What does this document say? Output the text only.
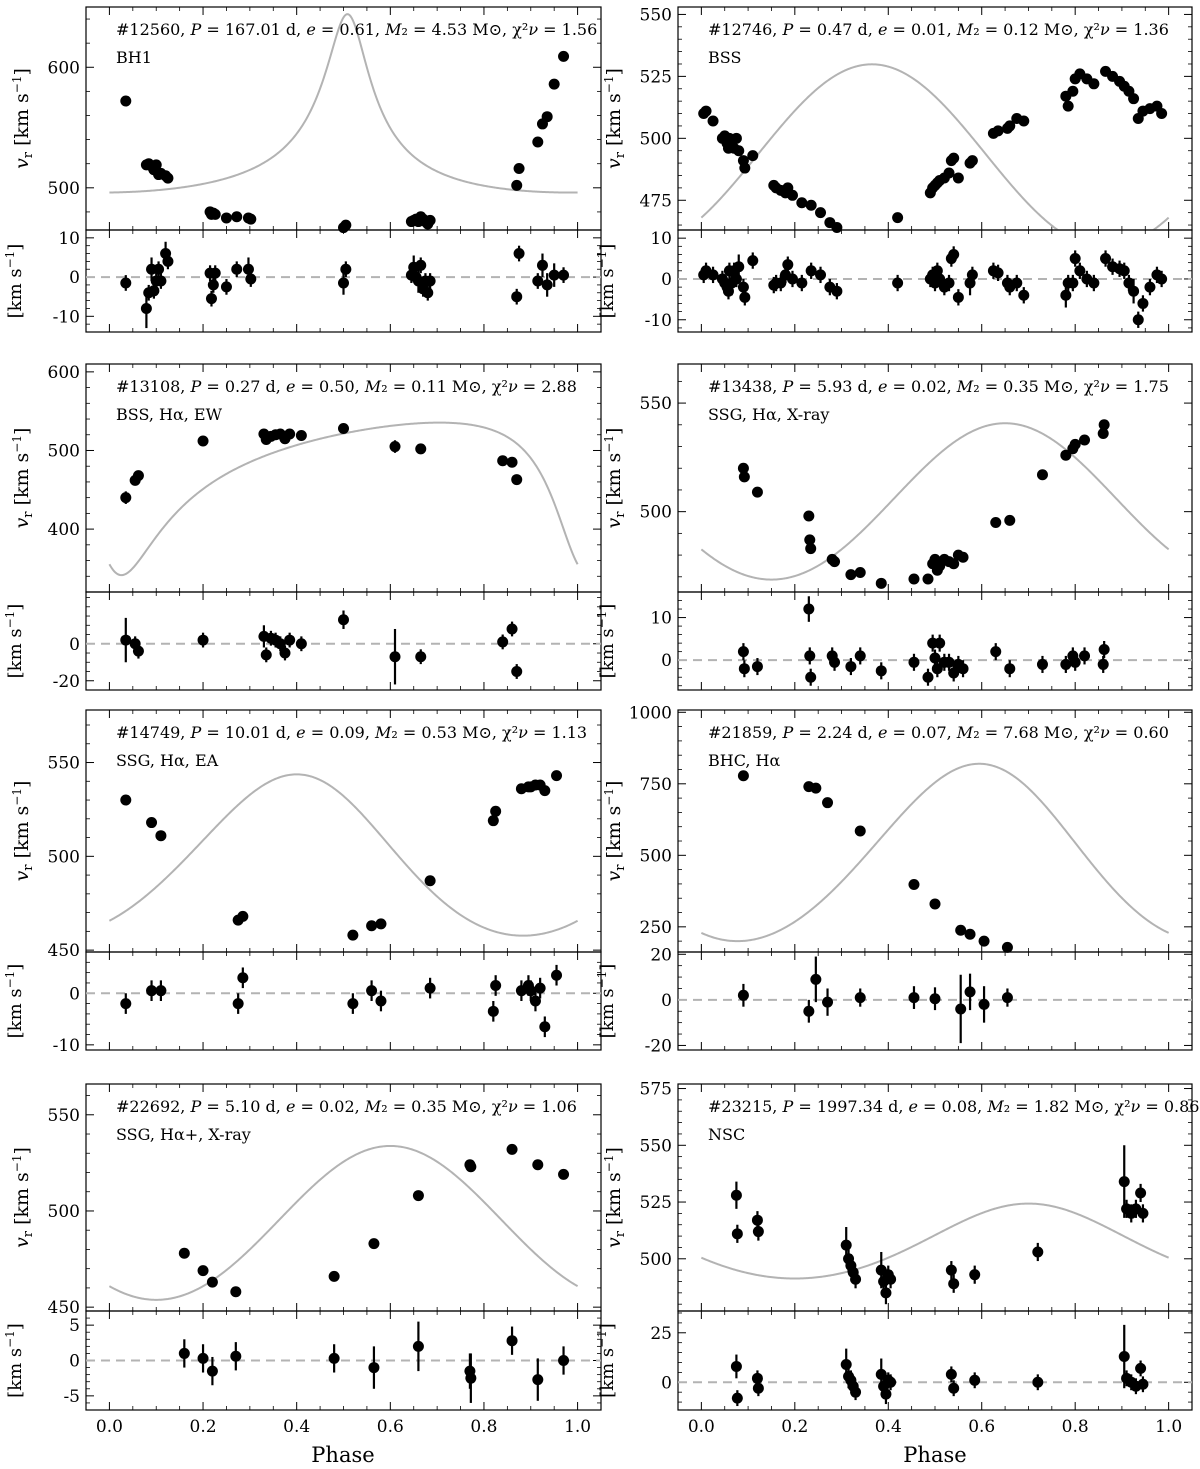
500
600
#12560, P = 167.01 d, e = 0.61, M₂ = 4.53 M⊙, χ²ν = 1.56
BH1
$v_r$ [km $s^{-1}$]
-10
0
10
[km $s^{-1}$]
475
500
525
550
#12746, P = 0.47 d, e = 0.01, M₂ = 0.12 M⊙, χ²ν = 1.36
BSS
$v_r$ [km $s^{-1}$]
-10
0
10
[km $s^{-1}$]
400
500
600
#13108, P = 0.27 d, e = 0.50, M₂ = 0.11 M⊙, χ²ν = 2.88
BSS, Hα, EW
$v_r$ [km $s^{-1}$]
-20
0
[km $s^{-1}$]
500
550
#13438, P = 5.93 d, e = 0.02, M₂ = 0.35 M⊙, χ²ν = 1.75
SSG, Hα, X-ray
$v_r$ [km $s^{-1}$]
0
10
[km $s^{-1}$]
450
500
550
#14749, P = 10.01 d, e = 0.09, M₂ = 0.53 M⊙, χ²ν = 1.13
SSG, Hα, EA
$v_r$ [km $s^{-1}$]
-10
0
[km $s^{-1}$]
250
500
750
1000
#21859, P = 2.24 d, e = 0.07, M₂ = 7.68 M⊙, χ²ν = 0.60
BHC, Hα
$v_r$ [km $s^{-1}$]
-20
0
20
[km $s^{-1}$]
450
500
550 #22692, P = 5.10 d, e = 0.02, M₂ = 0.35 M⊙, χ²ν = 1.06
SSG, Hα+, X-ray
$v_r$ [km $s^{-1}$]
0.0	0.2	0.4	0.6	0.8	1.0
-5
0
5
[km $s^{-1}$]
500
525
550
575
#23215, P = 1997.34 d, e = 0.08, M₂ = 1.82 M⊙, χ²ν = 0.86
NSC
$v_r$ [km $s^{-1}$]
0.0	0.2	0.4	0.6	0.8	1.0
0
25
[km $s^{-1}$]
Phase	Phase
